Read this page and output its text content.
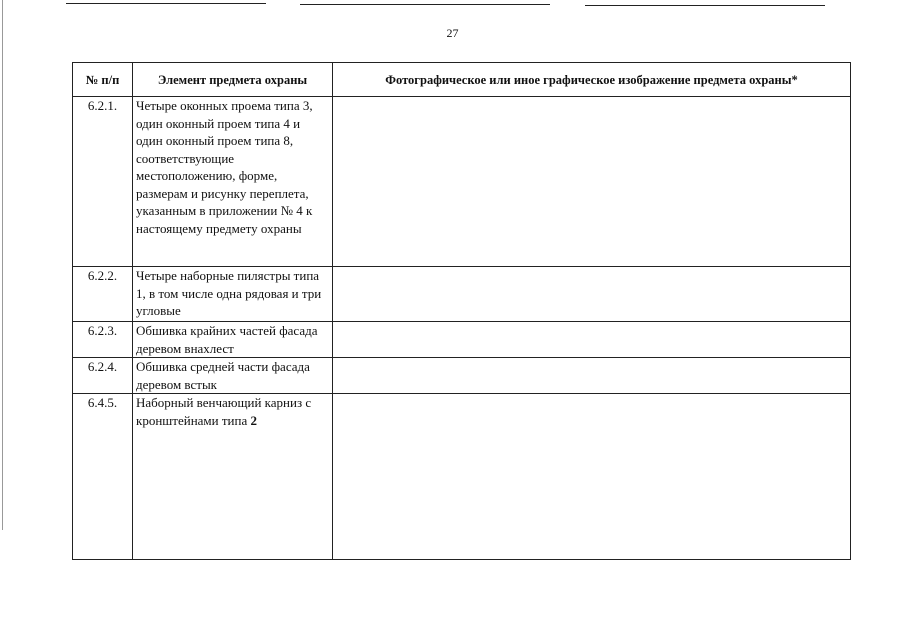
27
№ п/п	Элемент предмета охраны	Фотографическое или иное графическое изображение предмета охраны*
6.2.1.	Четыре оконных проема типа 3, один оконный проем типа 4 и один оконный проем типа 8, соответствующие местоположению, форме, размерам и рисунку переплета, указанным в приложении № 4 к настоящему предмету охраны	
6.2.2.	Четыре наборные пилястры типа 1, в том числе одна рядовая и три угловые	
6.2.3.	Обшивка крайних частей фасада деревом внахлест	
6.2.4.	Обшивка средней части фасада деревом встык	
6.4.5.	Наборный венчающий карниз с кронштейнами типа 2	
